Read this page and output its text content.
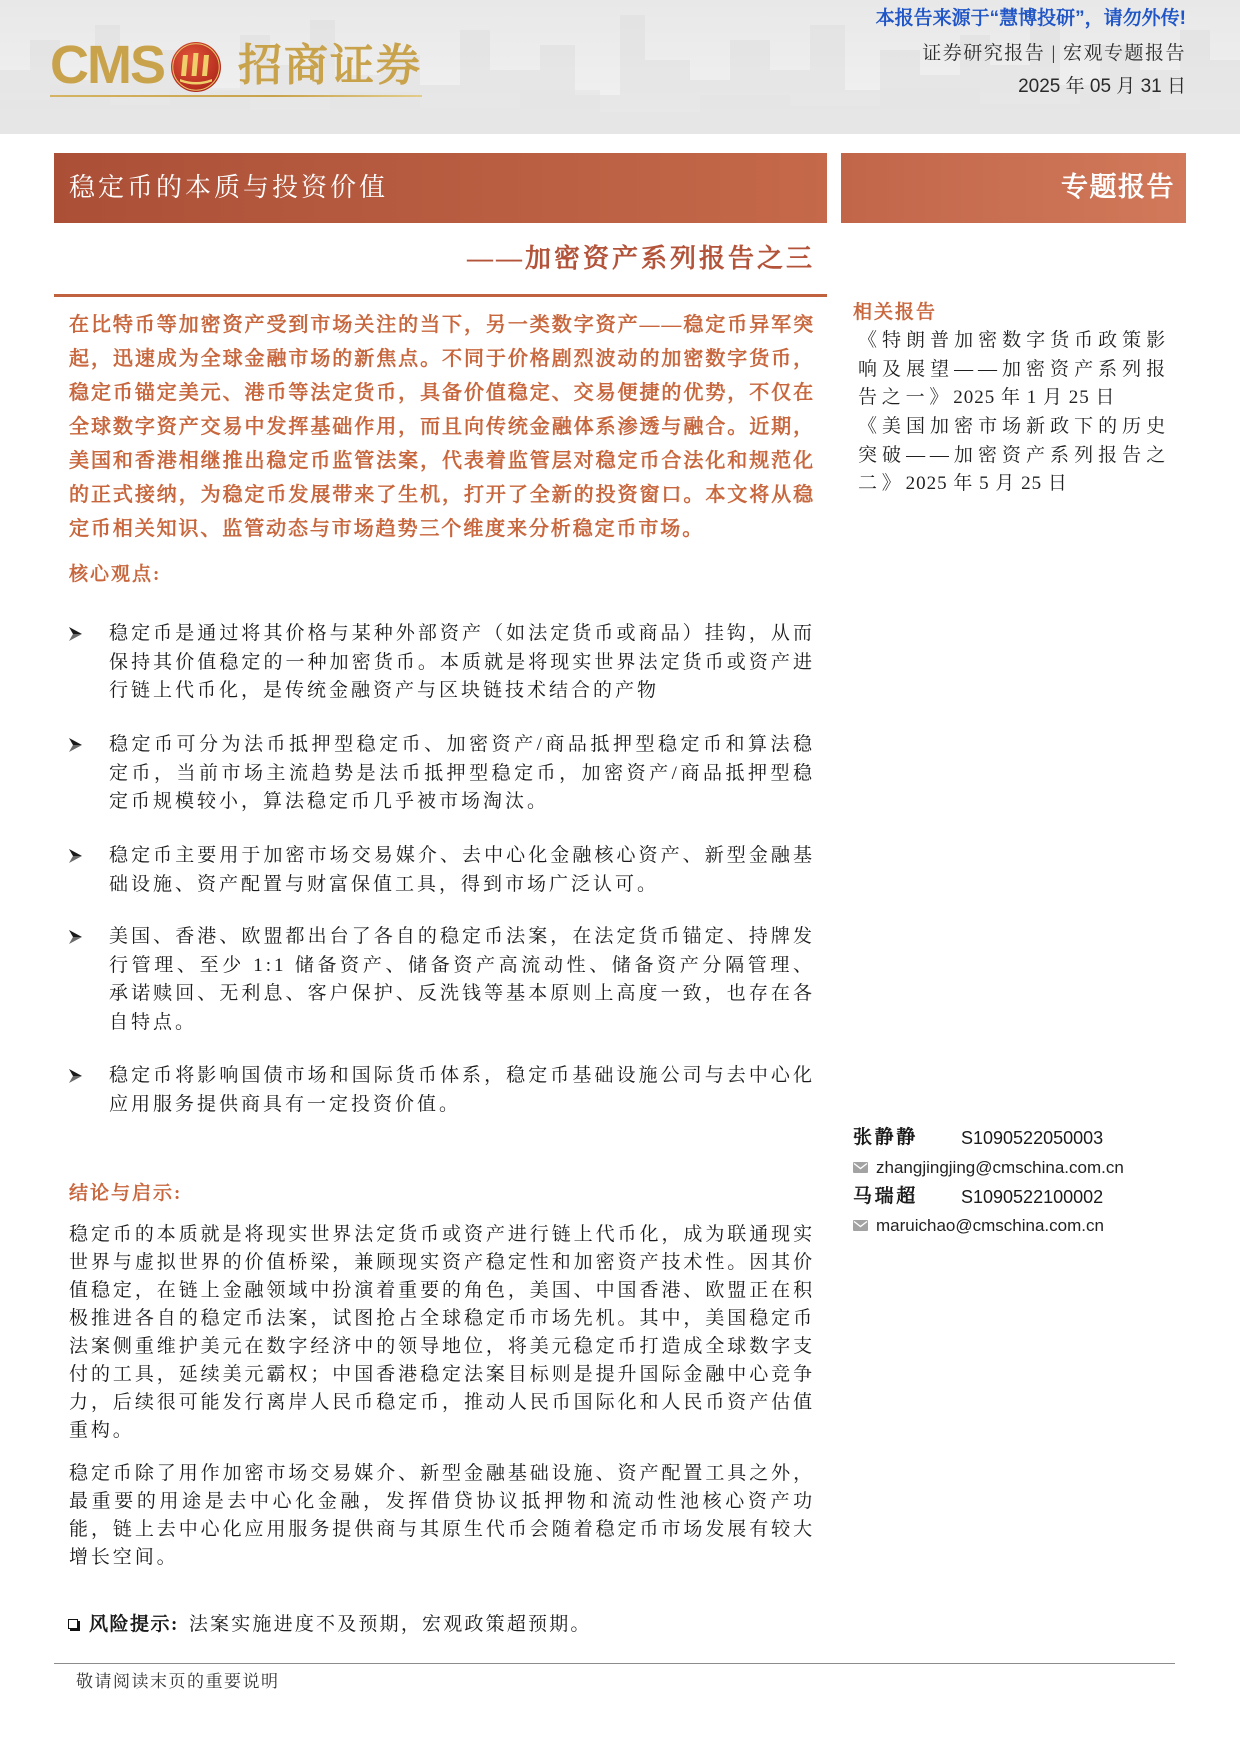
CMS 招商证券
本报告来源于“慧博投研”，请勿外传!
证券研究报告 | 宏观专题报告
2025 年 05 月 31 日
稳定币的本质与投资价值	专题报告
——加密资产系列报告之三
在比特币等加密资产受到市场关注的当下，另一类数字资产——稳定币异军突起，迅速成为全球金融市场的新焦点。不同于价格剧烈波动的加密数字货币，稳定币锚定美元、港币等法定货币，具备价值稳定、交易便捷的优势，不仅在全球数字资产交易中发挥基础作用，而且向传统金融体系渗透与融合。近期，美国和香港相继推出稳定币监管法案，代表着监管层对稳定币合法化和规范化的正式接纳，为稳定币发展带来了生机，打开了全新的投资窗口。本文将从稳定币相关知识、监管动态与市场趋势三个维度来分析稳定币市场。
核心观点:
稳定币是通过将其价格与某种外部资产（如法定货币或商品）挂钩，从而保持其价值稳定的一种加密货币。本质就是将现实世界法定货币或资产进行链上代币化，是传统金融资产与区块链技术结合的产物
稳定币可分为法币抵押型稳定币、加密资产/商品抵押型稳定币和算法稳定币，当前市场主流趋势是法币抵押型稳定币，加密资产/商品抵押型稳定币规模较小，算法稳定币几乎被市场淘汰。
稳定币主要用于加密市场交易媒介、去中心化金融核心资产、新型金融基础设施、资产配置与财富保值工具，得到市场广泛认可。
美国、香港、欧盟都出台了各自的稳定币法案，在法定货币锚定、持牌发行管理、至少 1:1 储备资产、储备资产高流动性、储备资产分隔管理、承诺赎回、无利息、客户保护、反洗钱等基本原则上高度一致，也存在各自特点。
稳定币将影响国债市场和国际货币体系，稳定币基础设施公司与去中心化应用服务提供商具有一定投资价值。
结论与启示:
稳定币的本质就是将现实世界法定货币或资产进行链上代币化，成为联通现实世界与虚拟世界的价值桥梁，兼顾现实资产稳定性和加密资产技术性。因其价值稳定，在链上金融领域中扮演着重要的角色，美国、中国香港、欧盟正在积极推进各自的稳定币法案，试图抢占全球稳定币市场先机。其中，美国稳定币法案侧重维护美元在数字经济中的领导地位，将美元稳定币打造成全球数字支付的工具，延续美元霸权；中国香港稳定法案目标则是提升国际金融中心竞争力，后续很可能发行离岸人民币稳定币，推动人民币国际化和人民币资产估值重构。
稳定币除了用作加密市场交易媒介、新型金融基础设施、资产配置工具之外，最重要的用途是去中心化金融，发挥借贷协议抵押物和流动性池核心资产功能，链上去中心化应用服务提供商与其原生代币会随着稳定币市场发展有较大增长空间。
风险提示: 法案实施进度不及预期，宏观政策超预期。
敬请阅读末页的重要说明
相关报告
《特朗普加密数字货币政策影响及展望——加密资产系列报告之一》2025 年 1 月 25 日
《美国加密市场新政下的历史突破——加密资产系列报告之二》2025 年 5 月 25 日
张静静 S1090522050003
zhangjingjing@cmschina.com.cn
马瑞超 S1090522100002
maruichao@cmschina.com.cn
